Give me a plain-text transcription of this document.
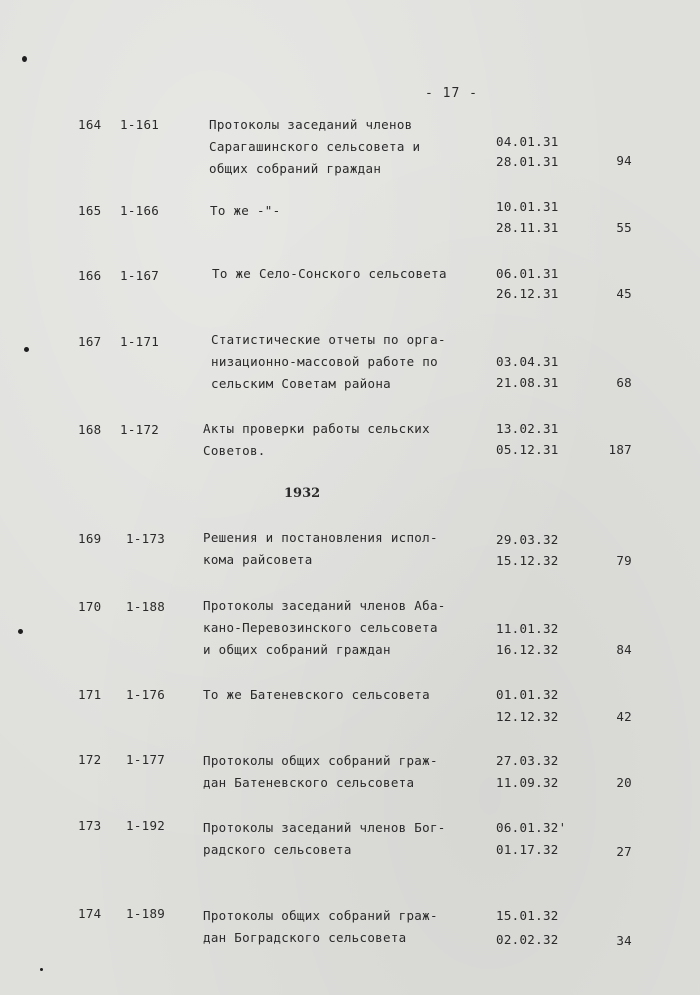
- 17 -
164 1-161	Протоколы заседаний членов
Сарагашинского сельсовета и
общих собраний граждан
04.01.31
28.01.31	94
165 1-166	То же -"-	10.01.31
28.11.31	55
166 1-167	То же Село-Сонского сельсовета	06.01.31
26.12.31	45
167 1-171	Статистические отчеты по орга-
низационно-массовой работе по
сельским Советам района
03.04.31
21.08.31	68
168 1-172	Акты проверки работы сельских
Советов.
13.02.31
05.12.31	187
1932
169 1-173	Решения и постановления испол-
кома райсовета
29.03.32
15.12.32	79
170 1-188	Протоколы заседаний членов Аба-
кано-Перевозинского сельсовета
и общих собраний граждан
11.01.32
16.12.32	84
171 1-176	То же Батеневского сельсовета	01.01.32
12.12.32	42
172 1-177	Протоколы общих собраний граж-
дан Батеневского сельсовета
27.03.32
11.09.32	20
173 1-192	Протоколы заседаний членов Бог-
радского сельсовета
06.01.32'
01.17.32	27
174 1-189	Протоколы общих собраний граж-
дан Боградского сельсовета
15.01.32
02.02.32	34
